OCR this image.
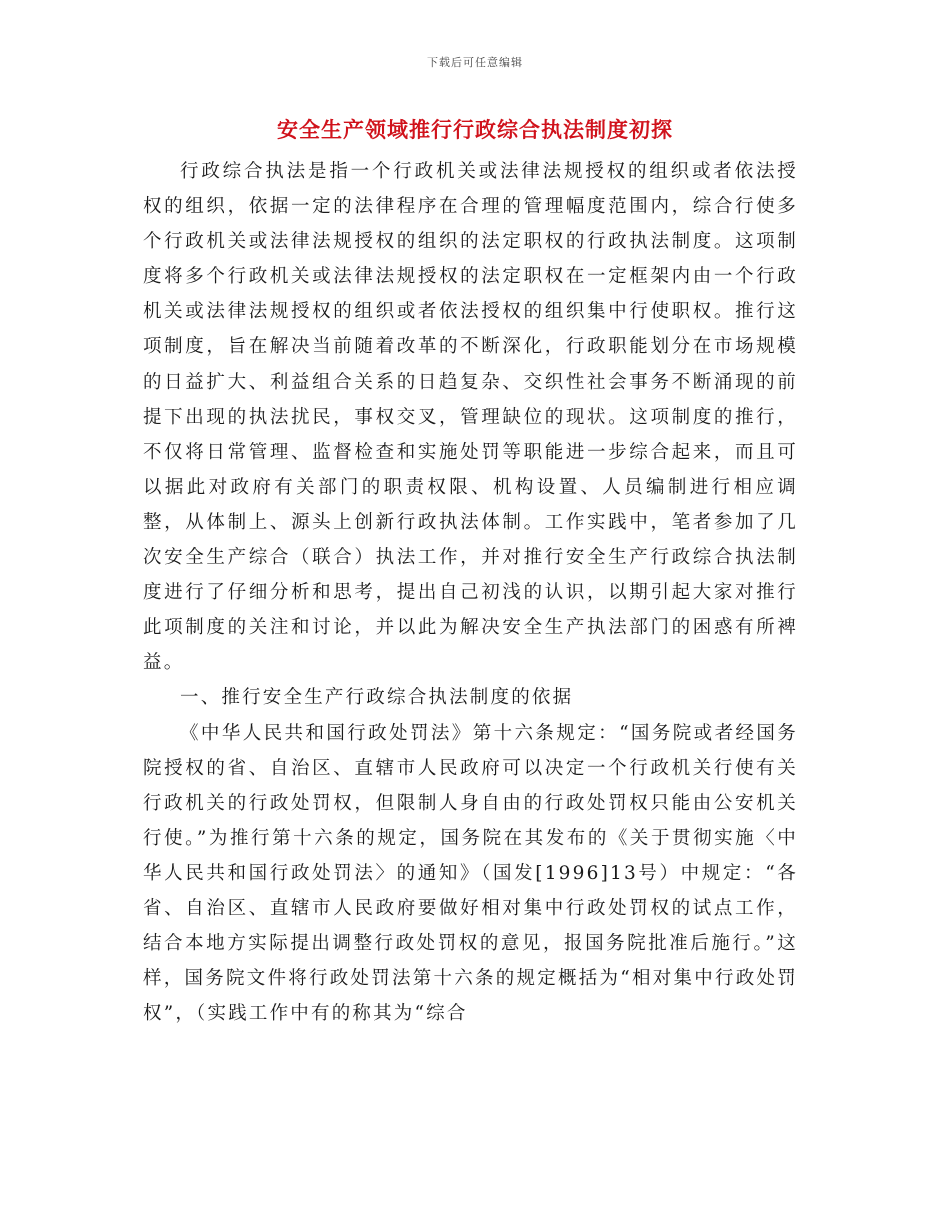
下载后可任意编辑
安全生产领域推行行政综合执法制度初探

行政综合执法是指一个行政机关或法律法规授权的组织或者依法授权的组织，依据一定的法律程序在合理的管理幅度范围内，综合行使多个行政机关或法律法规授权的组织的法定职权的行政执法制度。这项制度将多个行政机关或法律法规授权的法定职权在一定框架内由一个行政机关或法律法规授权的组织或者依法授权的组织集中行使职权。推行这项制度，旨在解决当前随着改革的不断深化，行政职能划分在市场规模的日益扩大、利益组合关系的日趋复杂、交织性社会事务不断涌现的前提下出现的执法扰民，事权交叉，管理缺位的现状。这项制度的推行，不仅将日常管理、监督检查和实施处罚等职能进一步综合起来，而且可以据此对政府有关部门的职责权限、机构设置、人员编制进行相应调整，从体制上、源头上创新行政执法体制。工作实践中，笔者参加了几次安全生产综合（联合）执法工作，并对推行安全生产行政综合执法制度进行了仔细分析和思考，提出自己初浅的认识，以期引起大家对推行此项制度的关注和讨论，并以此为解决安全生产执法部门的困惑有所裨益。

一、推行安全生产行政综合执法制度的依据

《中华人民共和国行政处罚法》第十六条规定：“国务院或者经国务院授权的省、自治区、直辖市人民政府可以决定一个行政机关行使有关行政机关的行政处罚权，但限制人身自由的行政处罚权只能由公安机关行使。”为推行第十六条的规定，国务院在其发布的《关于贯彻实施〈中华人民共和国行政处罚法〉的通知》（国发[1996]13号）中规定：“各省、自治区、直辖市人民政府要做好相对集中行政处罚权的试点工作，结合本地方实际提出调整行政处罚权的意见，报国务院批准后施行。”这样，国务院文件将行政处罚法第十六条的规定概括为“相对集中行政处罚权”，（实践工作中有的称其为“综合
